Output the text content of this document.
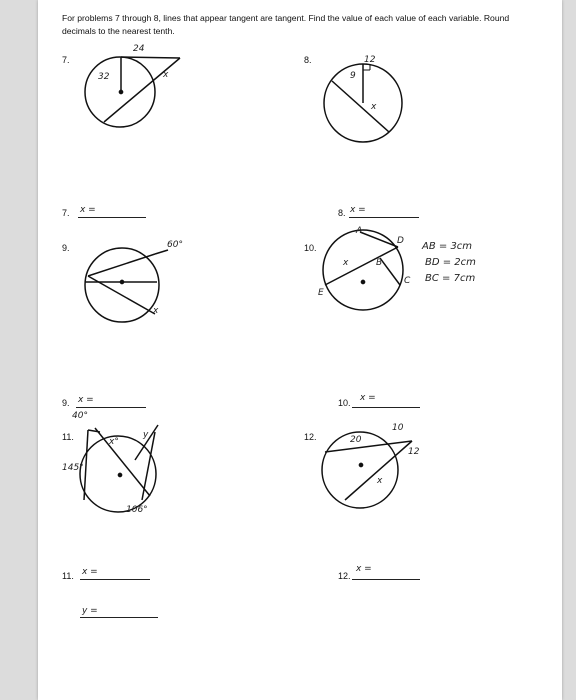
For problems 7 through 8, lines that appear tangent are tangent. Find the value of each value of each variable. Round decimals to the nearest tenth.
7.
24
32	x
8.	12
9
x
7. x =	8. x =
9.	60°
x
10.
A
D
B
C
E
x
AB = 3cm
BD = 2cm
BC = 7cm
9. x =	10. x =
11.
40°
x°
y
145°
106°
12.
10
12
20
x
11. x =
y =
12.
x =
